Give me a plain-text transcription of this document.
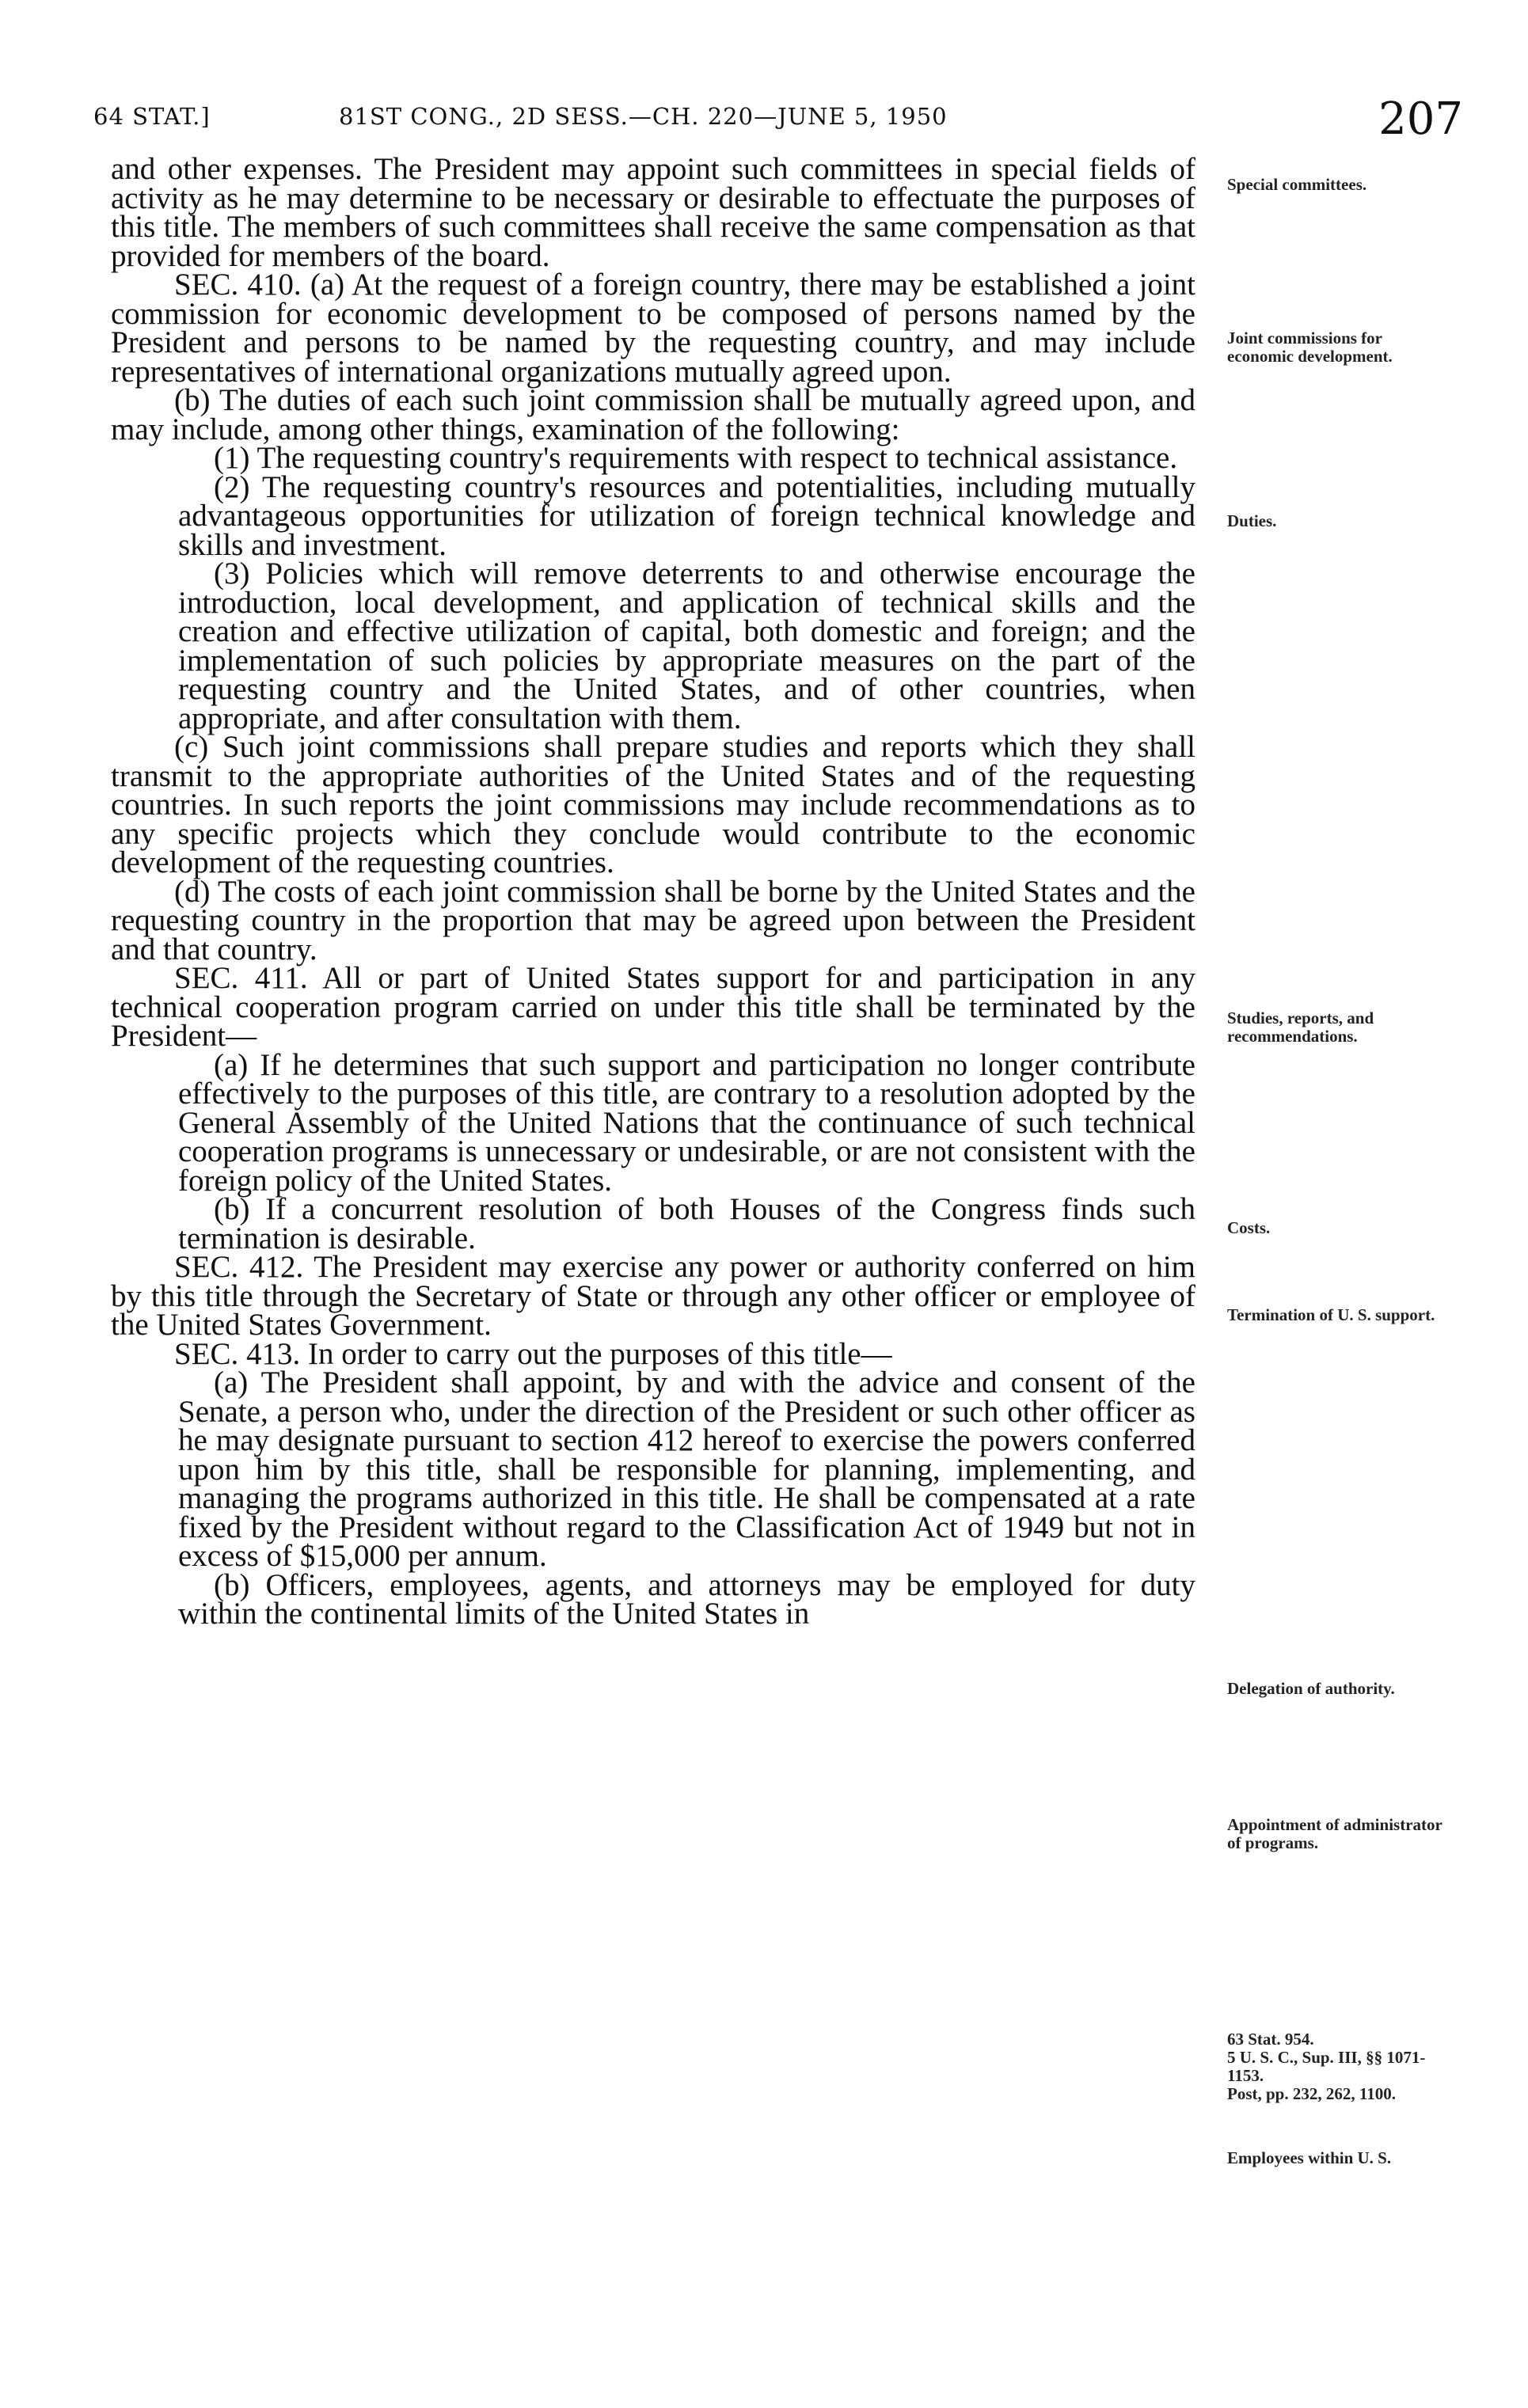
64 STAT.]	81ST CONG., 2D SESS.—CH. 220—JUNE 5, 1950	207

and other expenses. The President may appoint such committees in special fields of activity as he may determine to be necessary or desirable to effectuate the purposes of this title. The members of such committees shall receive the same compensation as that provided for members of the board.

SEC. 410. (a) At the request of a foreign country, there may be established a joint commission for economic development to be composed of persons named by the President and persons to be named by the requesting country, and may include representatives of international organizations mutually agreed upon.

(b) The duties of each such joint commission shall be mutually agreed upon, and may include, among other things, examination of the following:

(1) The requesting country's requirements with respect to technical assistance.

(2) The requesting country's resources and potentialities, including mutually advantageous opportunities for utilization of foreign technical knowledge and skills and investment.

(3) Policies which will remove deterrents to and otherwise encourage the introduction, local development, and application of technical skills and the creation and effective utilization of capital, both domestic and foreign; and the implementation of such policies by appropriate measures on the part of the requesting country and the United States, and of other countries, when appropriate, and after consultation with them.

(c) Such joint commissions shall prepare studies and reports which they shall transmit to the appropriate authorities of the United States and of the requesting countries. In such reports the joint commissions may include recommendations as to any specific projects which they conclude would contribute to the economic development of the requesting countries.

(d) The costs of each joint commission shall be borne by the United States and the requesting country in the proportion that may be agreed upon between the President and that country.

SEC. 411. All or part of United States support for and participation in any technical cooperation program carried on under this title shall be terminated by the President—

(a) If he determines that such support and participation no longer contribute effectively to the purposes of this title, are contrary to a resolution adopted by the General Assembly of the United Nations that the continuance of such technical cooperation programs is unnecessary or undesirable, or are not consistent with the foreign policy of the United States.

(b) If a concurrent resolution of both Houses of the Congress finds such termination is desirable.

SEC. 412. The President may exercise any power or authority conferred on him by this title through the Secretary of State or through any other officer or employee of the United States Government.

SEC. 413. In order to carry out the purposes of this title—

(a) The President shall appoint, by and with the advice and consent of the Senate, a person who, under the direction of the President or such other officer as he may designate pursuant to section 412 hereof to exercise the powers conferred upon him by this title, shall be responsible for planning, implementing, and managing the programs authorized in this title. He shall be compensated at a rate fixed by the President without regard to the Classification Act of 1949 but not in excess of $15,000 per annum.

(b) Officers, employees, agents, and attorneys may be employed for duty within the continental limits of the United States in

Special committees.
Joint commissions for economic development.
Duties.
Studies, reports, and recommendations.
Costs.
Termination of U. S. support.
Delegation of authority.
Appointment of administrator of programs.
63 Stat. 954.
5 U. S. C., Sup. III, §§ 1071-1153.
Post, pp. 232, 262, 1100.
Employees within U. S.
